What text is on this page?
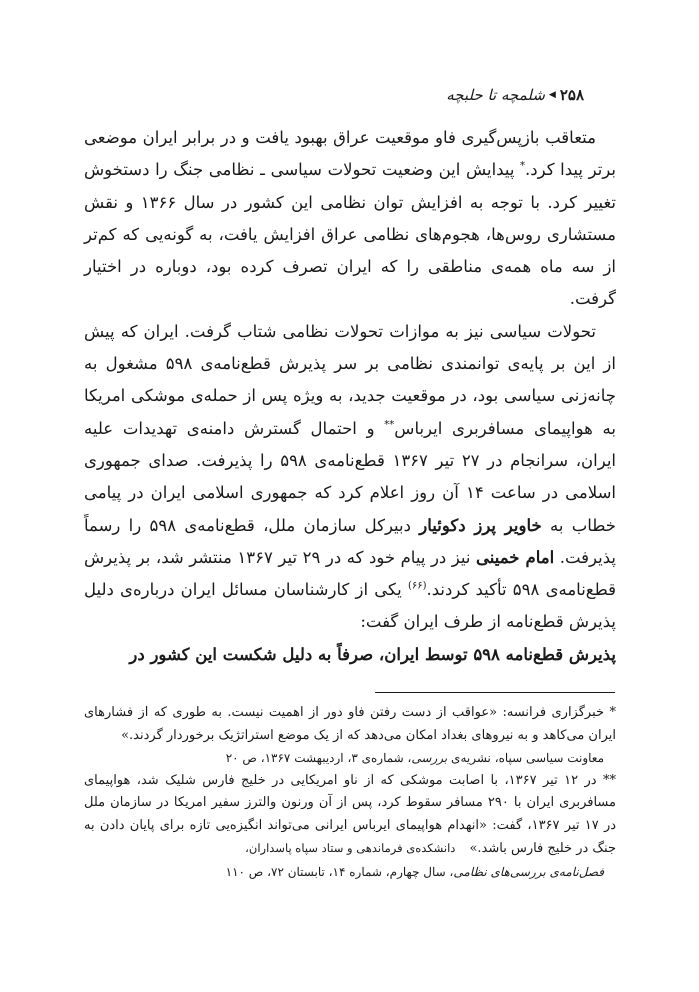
۲۵۸
◀
شلمچه تا حلبچه

متعاقب بازپس‌گیری فاو موقعیت عراق بهبود یافت و در برابر ایران موضعی برتر پیدا کرد.* پیدایش این وضعیت تحولات سیاسی ـ نظامی جنگ را دستخوش تغییر کرد. با توجه به افزایش توان نظامی این کشور در سال ۱۳۶۶ و نقش مستشاری روس‌ها، هجوم‌های نظامی عراق افزایش یافت، به گونه‌یی که کم‌تر از سه ماه همه‌ی مناطقی را که ایران تصرف کرده بود، دوباره در اختیار گرفت.

تحولات سیاسی نیز به موازات تحولات نظامی شتاب گرفت. ایران که پیش از این بر پایه‌ی توانمندی نظامی بر سر پذیرش قطع‌نامه‌ی ۵۹۸ مشغول به چانه‌زنی سیاسی بود، در موقعیت جدید، به ویژه پس از حمله‌ی موشکی امریکا به هواپیمای مسافربری ایرباس** و احتمال گسترش دامنه‌ی تهدیدات علیه ایران، سرانجام در ۲۷ تیر ۱۳۶۷ قطع‌نامه‌ی ۵۹۸ را پذیرفت. صدای جمهوری اسلامی در ساعت ۱۴ آن روز اعلام کرد که جمهوری اسلامی ایران در پیامی خطاب به خاویر پرز دکوئیار دبیرکل سازمان ملل، قطع‌نامه‌ی ۵۹۸ را رسماً پذیرفت. امام خمینی نیز در پیام خود که در ۲۹ تیر ۱۳۶۷ منتشر شد، بر پذیرش قطع‌نامه‌ی ۵۹۸ تأکید کردند.$^{(۶۶)}$ یکی از کارشناسان مسائل ایران درباره‌ی دلیل پذیرش قطع‌نامه از طرف ایران گفت:

پذیرش قطع‌نامه ۵۹۸ توسط ایران، صرفاً به دلیل شکست این کشور در

* خبرگزاری فرانسه: «عواقب از دست رفتن فاو دور از اهمیت نیست. به طوری که از فشارهای ایران می‌کاهد و به نیروهای بغداد امکان می‌دهد که از یک موضع استراتژیک برخوردار گردند.»

معاونت سیاسی سپاه، نشریه‌ی بررسی، شماره‌ی ۳، اردیبهشت ۱۳۶۷، ص ۲۰

** در ۱۲ تیر ۱۳۶۷، با اصابت موشکی که از ناو امریکایی در خلیج فارس شلیک شد، هواپیمای مسافربری ایران با ۲۹۰ مسافر سقوط کرد، پس از آن ورنون والترز سفیر امریکا در سازمان ملل در ۱۷ تیر ۱۳۶۷، گفت: «انهدام هواپیمای ایرباس ایرانی می‌تواند انگیزه‌یی تازه برای پایان دادن به جنگ در خلیج فارس باشد.»دانشکده‌ی فرماندهی و ستاد سپاه پاسداران،

فصل‌نامه‌ی بررسی‌های نظامی، سال چهارم، شماره ۱۴، تابستان ۷۲، ص ۱۱۰
